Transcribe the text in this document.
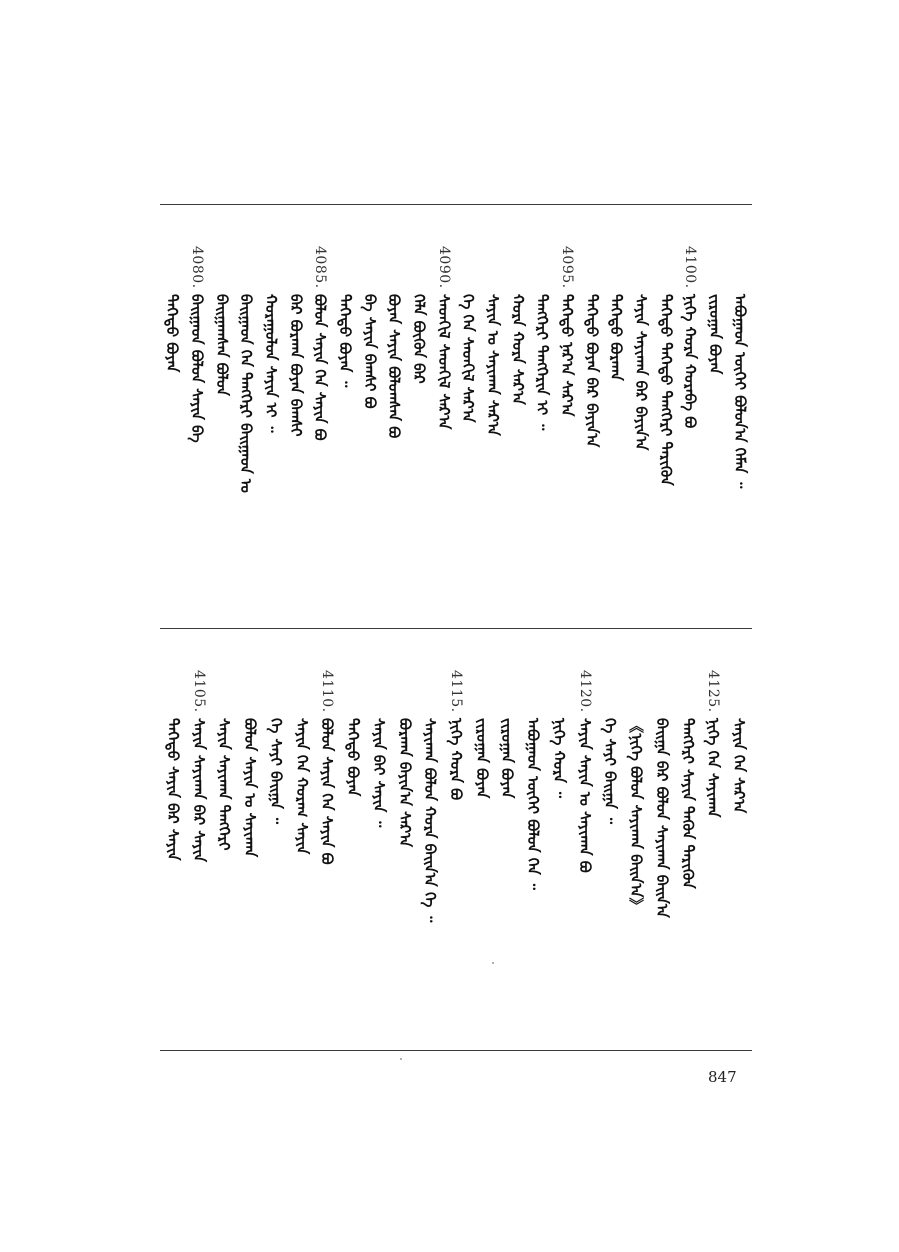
ᠠᠪᠤᠭᠠᠳ ᠦᠭᠡᠢ ᠪᠣᠯᠤᠨ᠎ᠠ ᠬᠡᠮᠡᠨ ᠃
ᠵᠢᠷᠤᠭᠠᠨ ᠪᠤᠶᠠᠨ
4100.
ᠨᠢᠭᠡ ᠬᠤᠷᠠ ᠬᠤᠷᠠᠪᠠ ᠪᠤ
ᠳᠡᠭᠡᠳᠦ ᠳᠡᠭᠡᠳᠦ ᠲᠡᠩᠭᠡᠷᠢ ᠲᠡᠷᠢᠭᠦᠨ
ᠰᠠᠶᠢᠨ ᠰᠠᠶᠢᠬᠠᠨ ᠪᠠᠷ ᠪᠠᠶᠢᠨ᠎ᠠ
ᠳᠡᠭᠡᠳᠦ ᠪᠤᠷᠬᠠᠨ
ᠳᠡᠭᠡᠳᠦ ᠪᠤᠶᠠᠨ ᠪᠠᠷ ᠪᠠᠶᠢᠨ᠎ᠠ
4095.
ᠳᠡᠭᠡᠳᠦ ᠨᠠᠷ᠎ᠠ ᠰᠠᠷ᠎ᠠ
ᠲᠡᠩᠭᠡᠷᠢ ᠲᠡᠩᠭᠡᠷᠢᠨ ᠢ ᠃
ᠬᠤᠷᠠ ᠬᠤᠷᠠ ᠰᠠᠷ᠎ᠠ
ᠰᠠᠶᠢᠨ ᠤ ᠰᠠᠶᠢᠬᠠᠨ ᠰᠠᠷ᠎ᠠ
ᠬᠡ ᠬᠡᠨ ᠰᠡᠳᠬᠢᠯ ᠰᠠᠷ᠎ᠠ
4090.
ᠰᠡᠳᠬᠢᠯ ᠰᠡᠳᠬᠢᠯ ᠰᠠᠷ᠎ᠠ
ᠬᠡᠯᠡ ᠪᠦᠬᠦᠨ ᠪᠠᠷ
ᠪᠤᠶᠠᠨ ᠰᠠᠶᠢᠨ ᠪᠤᠯᠤᠭᠰᠠᠨ ᠪᠤ
ᠪᠠ ᠰᠠᠶᠢᠨ ᠪᠠᠭᠰᠢ ᠪᠤ
ᠳᠡᠭᠡᠳᠦ ᠪᠤᠶᠠᠨ ᠃
4085.
ᠪᠤᠯᠤᠨ ᠰᠠᠶᠢᠨ ᠬᠡᠨ ᠰᠠᠶᠢᠨ ᠪᠤ
ᠪᠠᠷ ᠪᠤᠷᠬᠠᠨ ᠪᠤᠶᠠᠨ ᠪᠠᠭᠰᠢ
ᠬᠤᠷᠠᠭᠤᠯᠤᠨ ᠰᠠᠶᠢᠨ ᠢ ᠃
ᠪᠠᠢᠭᠠᠳ ᠬᠡᠨ ᠲᠡᠩᠭᠡᠷᠢ ᠪᠠᠢᠭᠠᠳ ᠣ
ᠪᠠᠢᠭᠠᠭᠰᠠᠨ ᠪᠤᠯᠤᠨ
4080.
ᠪᠠᠢᠭᠠᠳ ᠪᠤᠯᠤᠨ ᠰᠠᠶᠢᠨ ᠪᠠ
ᠳᠡᠭᠡᠳᠦ ᠪᠤᠶᠠᠨ
ᠰᠠᠶᠢᠨ ᠬᠡᠨ ᠰᠠᠷ᠎ᠠ
4125.
ᠨᠢᠭᠡ ᠬᠡᠨ ᠰᠠᠶᠢᠬᠠᠨ
ᠲᠡᠩᠭᠡᠷᠢ ᠰᠠᠶᠢᠨ ᠲᠡᠭᠦᠨ ᠲᠡᠷᠢᠭᠦᠨ
ᠪᠠᠢᠭᠠ ᠪᠠᠷ ᠪᠤᠯᠤᠨ ᠰᠠᠶᠢᠬᠠᠨ ᠪᠠᠢᠨ᠎ᠠ
《ᠨᠢᠭᠡ ᠪᠤᠯᠤᠨ ᠰᠠᠶᠢᠬᠠᠨ ᠪᠠᠢᠨ᠎ᠠ》
ᠬᠡ ᠰᠠᠶᠢ ᠪᠠᠢᠭᠠ ᠃
4120.
ᠰᠠᠶᠢᠨ ᠰᠠᠶᠢᠨ ᠤ ᠰᠠᠶᠢᠬᠠᠨ ᠪᠤ
ᠨᠢᠭᠡ ᠬᠤᠷᠠ ᠃
ᠠᠪᠤᠭᠠᠳ ᠦᠭᠡᠢ ᠪᠤᠯᠤᠨ ᠬᠡᠨ ᠃
ᠵᠢᠷᠤᠭᠠᠨ ᠪᠤᠶᠠᠨ
ᠵᠢᠷᠤᠭᠠᠨ ᠪᠤᠶᠠᠨ
4115.
ᠨᠢᠭᠡ ᠬᠤᠷᠠ ᠪᠤ
ᠰᠠᠶᠢᠬᠠᠨ ᠪᠤᠯᠤᠨ ᠬᠤᠷᠠ ᠪᠠᠢᠨ᠎ᠠ ᠬᠡ ᠃
ᠪᠤᠷᠬᠠᠨ ᠪᠠᠶᠢᠨ᠎ᠠ ᠰᠠᠷ᠎ᠠ
ᠰᠠᠶᠢᠨ ᠪᠠᠢ ᠰᠠᠶᠢᠨ ᠃
ᠳᠡᠭᠡᠳᠦ ᠪᠤᠶᠠᠨ
4110.
ᠪᠤᠯᠤᠨ ᠰᠠᠶᠢᠨ ᠬᠡᠨ ᠰᠠᠶᠢᠨ ᠪᠤ
ᠰᠠᠶᠢᠨ ᠬᠡᠨ ᠬᠤᠷᠠᠭ ᠰᠠᠶᠢᠨ
ᠬᠡ ᠰᠠᠶᠢ ᠪᠠᠢᠭᠠ ᠃
ᠪᠤᠯᠤᠨ ᠰᠠᠶᠢᠨ ᠤ ᠰᠠᠶᠢᠬᠠᠨ
ᠰᠠᠶᠢᠨ ᠰᠠᠶᠢᠬᠠᠨ ᠲᠡᠩᠭᠡᠷᠢ
4105.
ᠰᠠᠶᠢᠨ ᠰᠠᠶᠢᠬᠠᠨ ᠪᠠᠷ ᠰᠠᠶᠢᠨ
ᠳᠡᠭᠡᠳᠦ ᠰᠠᠶᠢᠨ ᠪᠠᠷ ᠰᠠᠶᠢᠨ
847
